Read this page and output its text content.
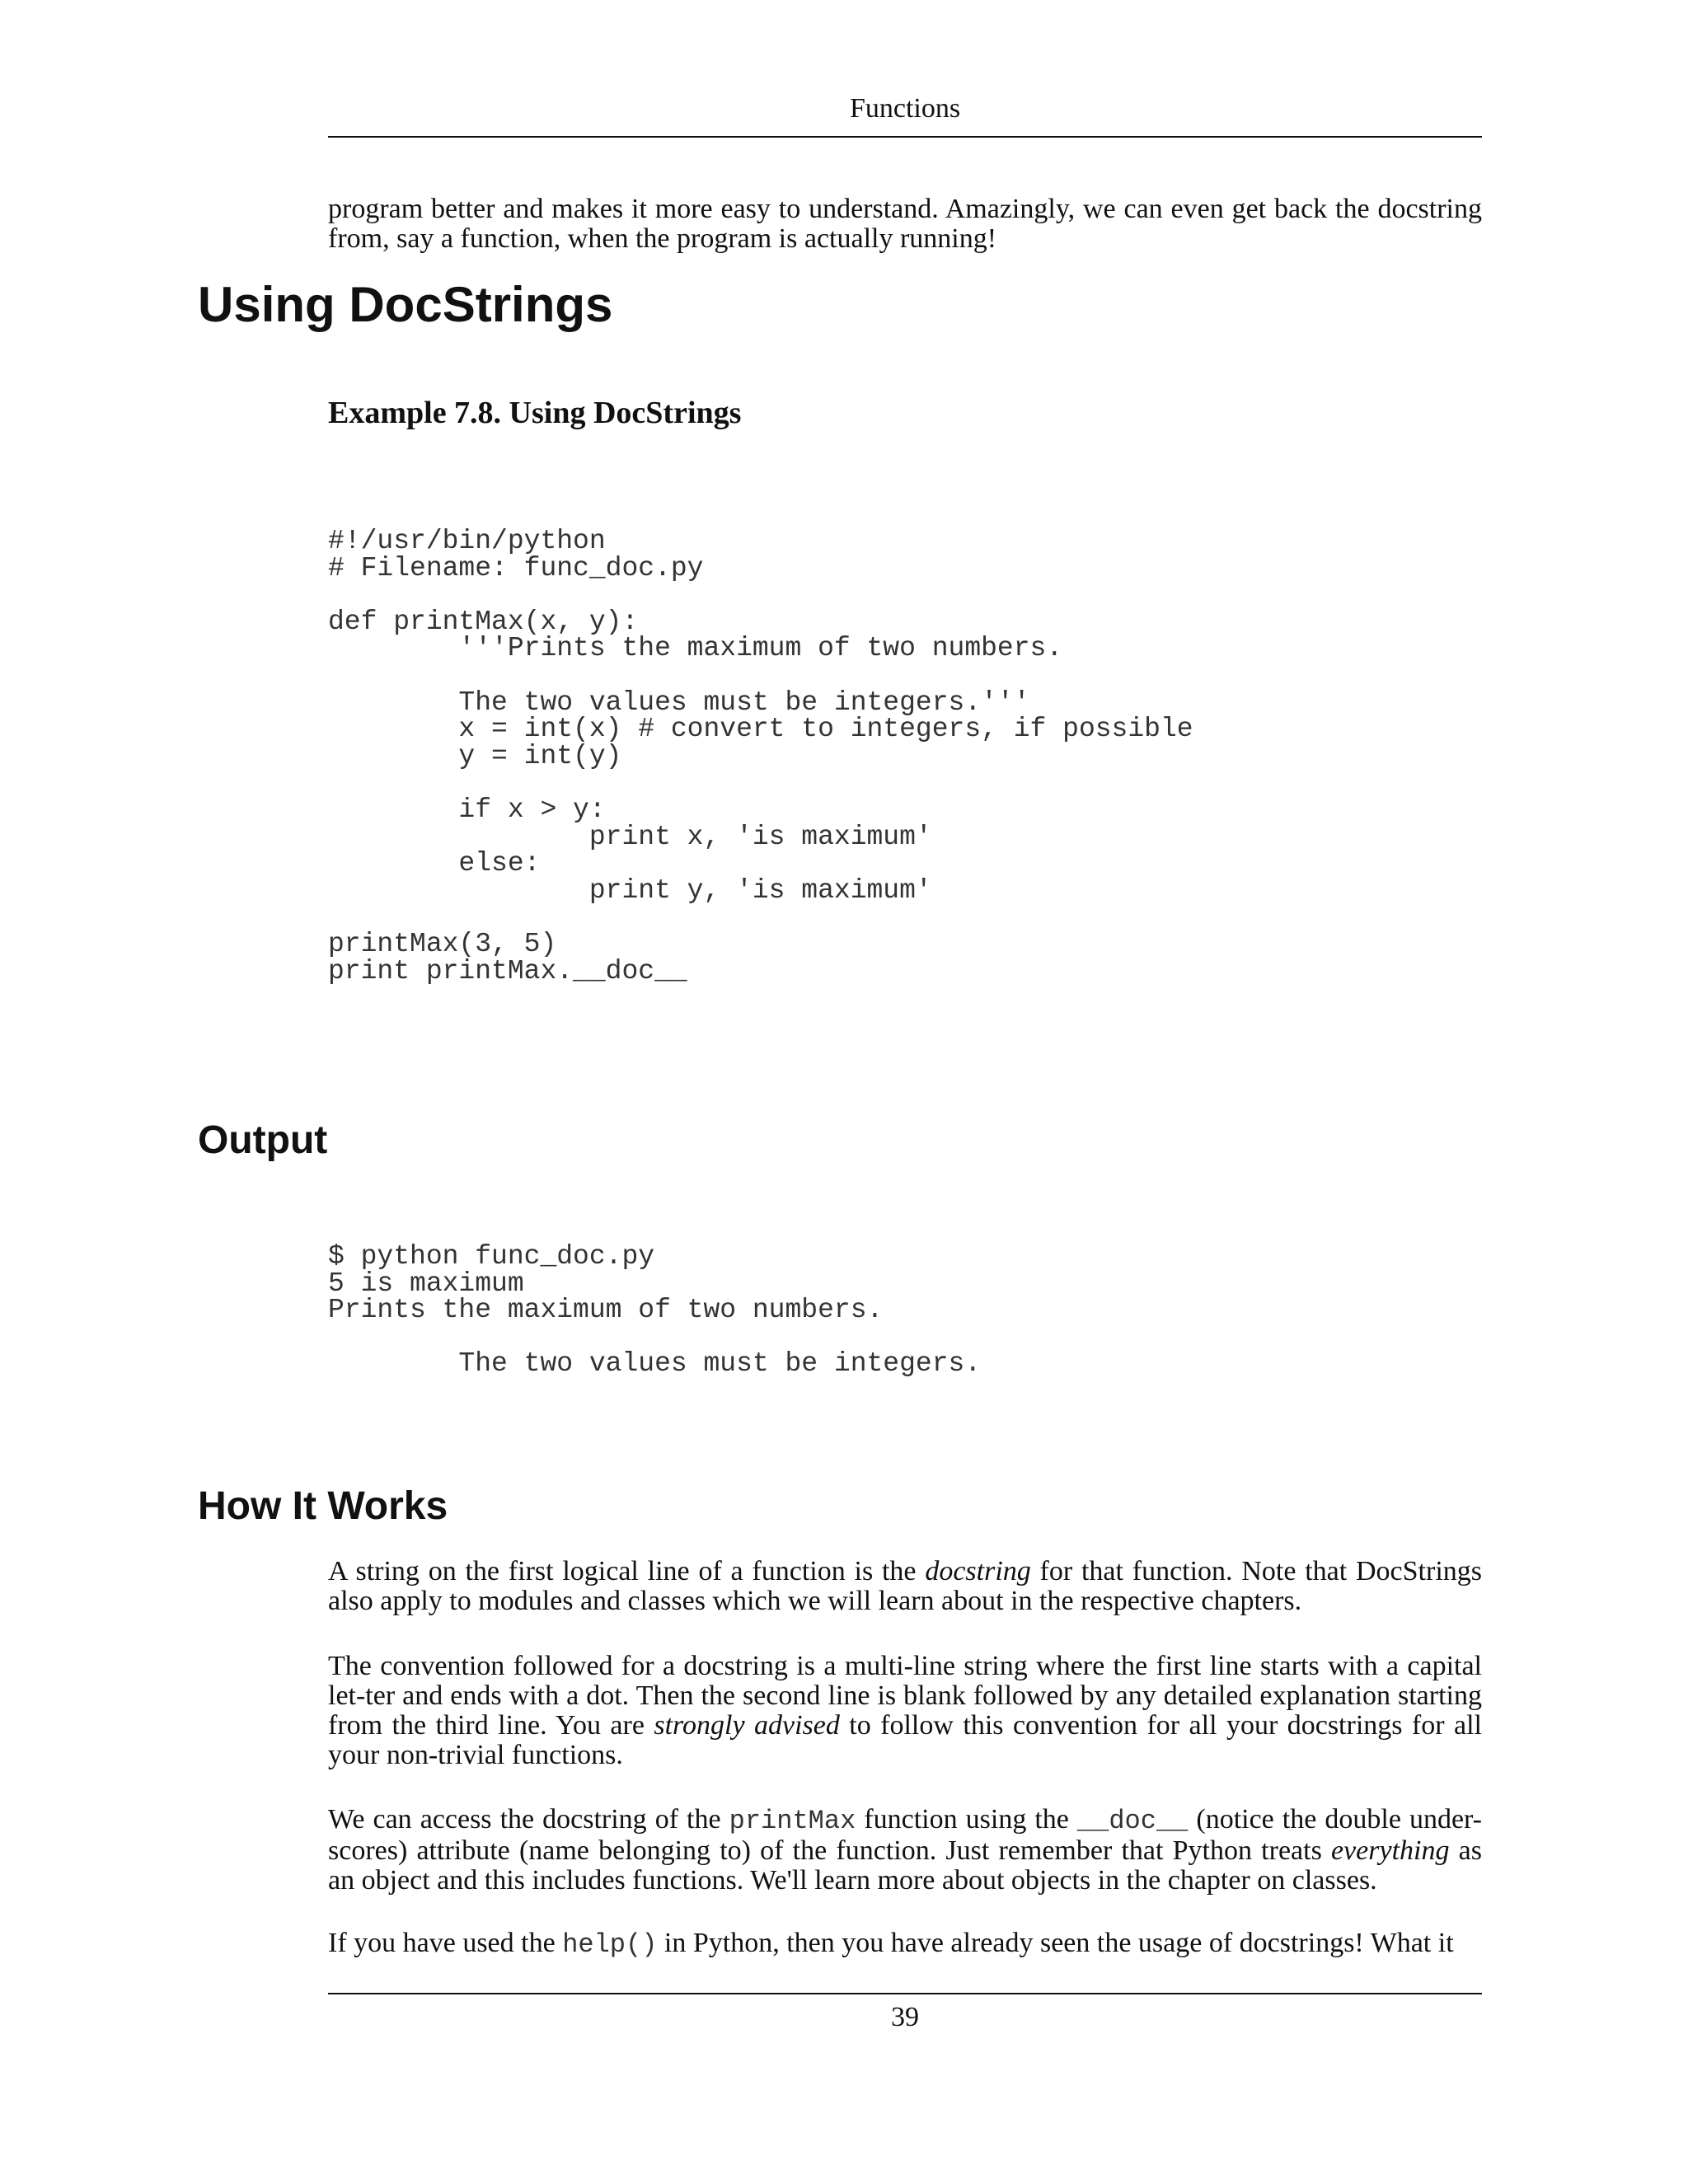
Functions

program better and makes it more easy to understand. Amazingly, we can even get back the docstring from, say a function, when the program is actually running!

Using DocStrings
Example 7.8. Using DocStrings
#!/usr/bin/python
# Filename: func_doc.py

def printMax(x, y):
'''Prints the maximum of two numbers.

The two values must be integers.'''
x = int(x) # convert to integers, if possible
y = int(y)

if x > y:
print x, 'is maximum'
else:
print y, 'is maximum'

printMax(3, 5)
print printMax.__doc__
Output
$ python func_doc.py
5 is maximum
Prints the maximum of two numbers.

The two values must be integers.
How It Works

A string on the first logical line of a function is the docstring for that function. Note that DocStrings also apply to modules and classes which we will learn about in the respective chapters.

The convention followed for a docstring is a multi-line string where the first line starts with a capital let-ter and ends with a dot. Then the second line is blank followed by any detailed explanation starting from the third line. You are strongly advised to follow this convention for all your docstrings for all your non-trivial functions.

We can access the docstring of the printMax function using the __doc__ (notice the double under-scores) attribute (name belonging to) of the function. Just remember that Python treats everything as an object and this includes functions. We'll learn more about objects in the chapter on classes.

If you have used the help() in Python, then you have already seen the usage of docstrings! What it

39
